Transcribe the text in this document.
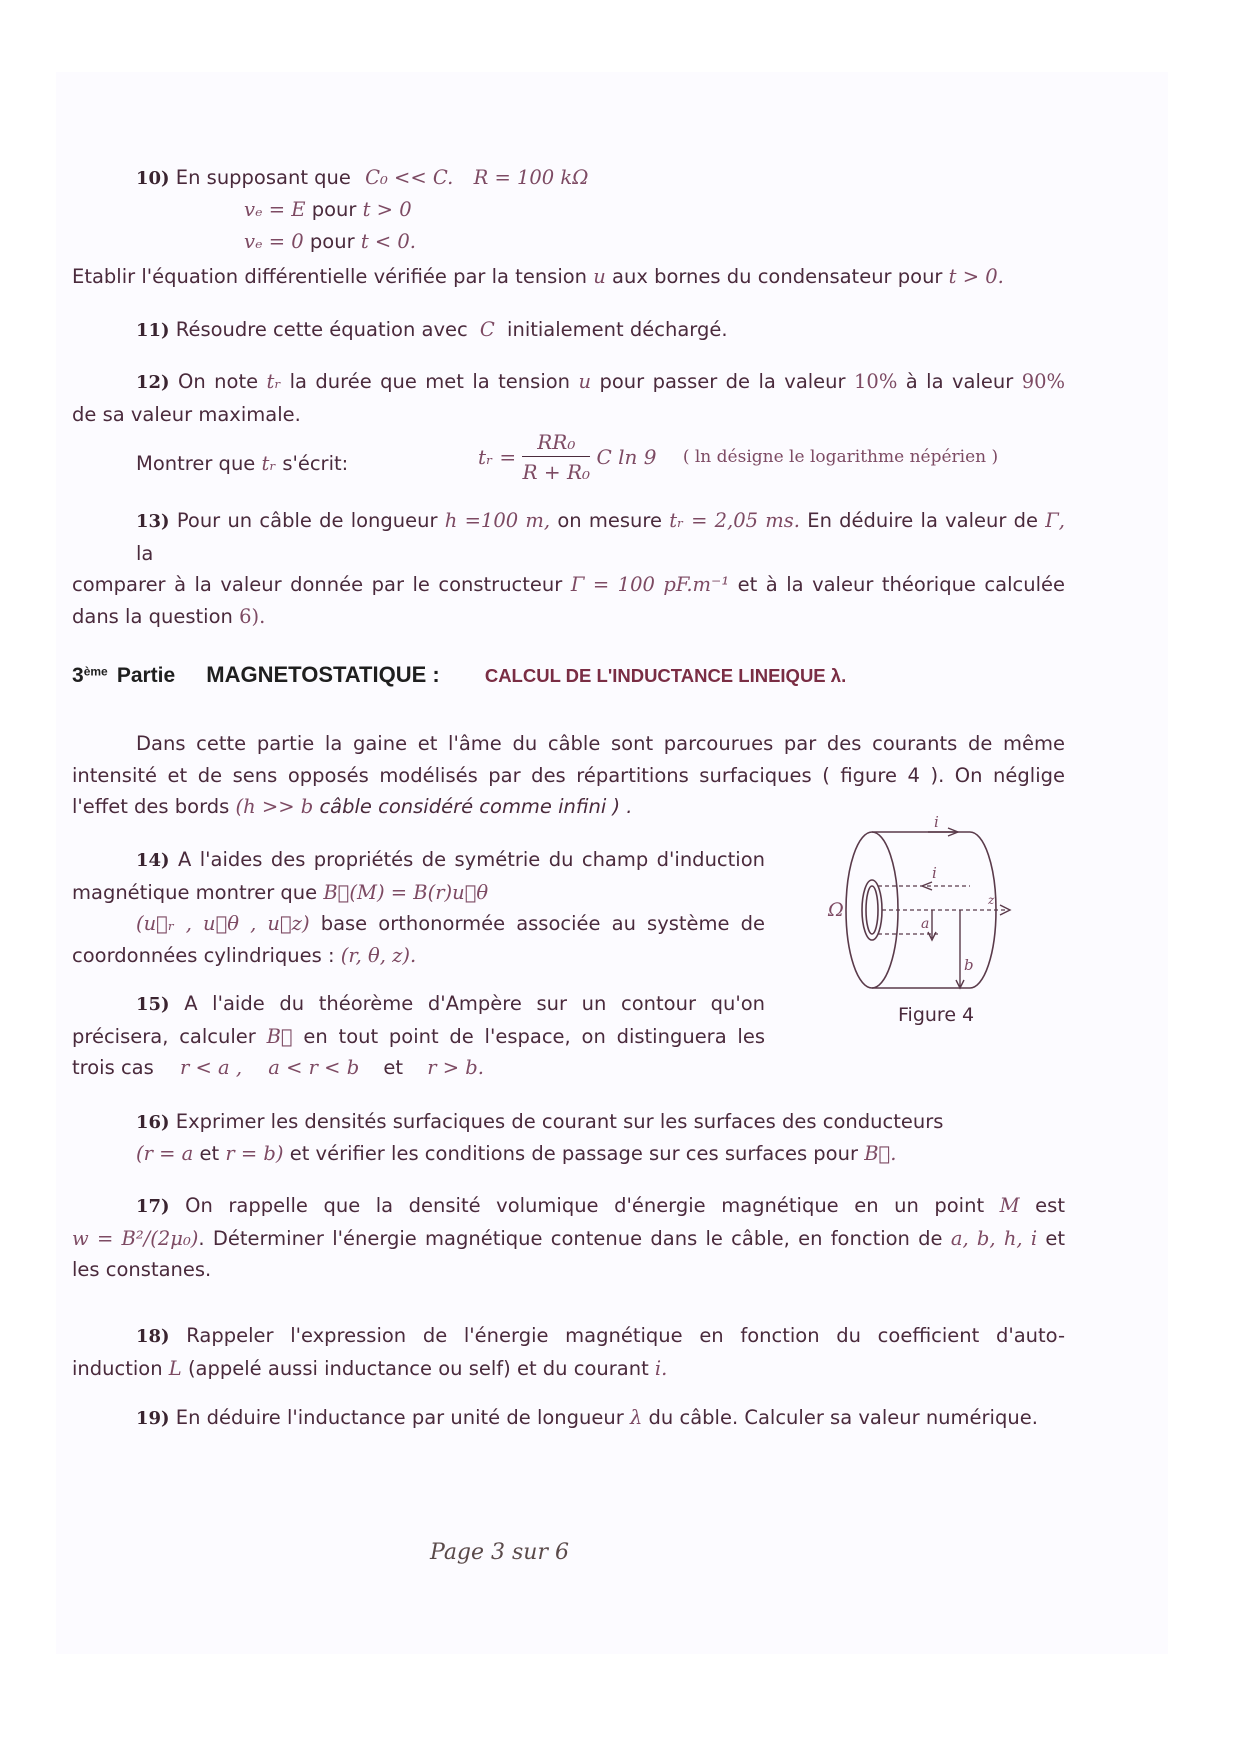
10) En supposant que C₀ << C. R = 100 kΩ
vₑ = E pour t > 0
vₑ = 0 pour t < 0.
Etablir l'équation différentielle vérifiée par la tension u aux bornes du condensateur pour t > 0.
11) Résoudre cette équation avec C initialement déchargé.
12) On note tᵣ la durée que met la tension u pour passer de la valeur 10% à la valeur 90%
de sa valeur maximale.
Montrer que tᵣ s'écrit:	tᵣ = $\frac{\text{RR₀}}{\text{R + R₀}}$ C ln 9 ( ln désigne le logarithme népérien )
13) Pour un câble de longueur h =100 m, on mesure tᵣ = 2,05 ms. En déduire la valeur de Γ, la
comparer à la valeur donnée par le constructeur Γ = 100 pF.m⁻¹ et à la valeur théorique calculée
dans la question 6).
3ème Partie MAGNETOSTATIQUE : CALCUL DE L'INDUCTANCE LINEIQUE λ.
Dans cette partie la gaine et l'âme du câble sont parcourues par des courants de même
intensité et de sens opposés modélisés par des répartitions surfaciques ( figure 4 ). On néglige
l'effet des bords (h >> b câble considéré comme infini ) .
14) A l'aides des propriétés de symétrie du champ d'induction
magnétique montrer que B⃗(M) = B(r)u⃗θ
(u⃗ᵣ , u⃗θ , u⃗z) base orthonormée associée au système de
coordonnées cylindriques : (r, θ, z).
15) A l'aide du théorème d'Ampère sur un contour qu'on
précisera, calculer B⃗ en tout point de l'espace, on distinguera les
trois cas r < a , a < r < b et r > b.
i
i
Ω
a
b
z
Figure 4
16) Exprimer les densités surfaciques de courant sur les surfaces des conducteurs
(r = a et r = b) et vérifier les conditions de passage sur ces surfaces pour B⃗.
17) On rappelle que la densité volumique d'énergie magnétique en un point M est
w = B²/(2μ₀). Déterminer l'énergie magnétique contenue dans le câble, en fonction de a, b, h, i et
les constanes.
18) Rappeler l'expression de l'énergie magnétique en fonction du coefficient d'auto-
induction L (appelé aussi inductance ou self) et du courant i.
19) En déduire l'inductance par unité de longueur λ du câble. Calculer sa valeur numérique.
Page 3 sur 6
